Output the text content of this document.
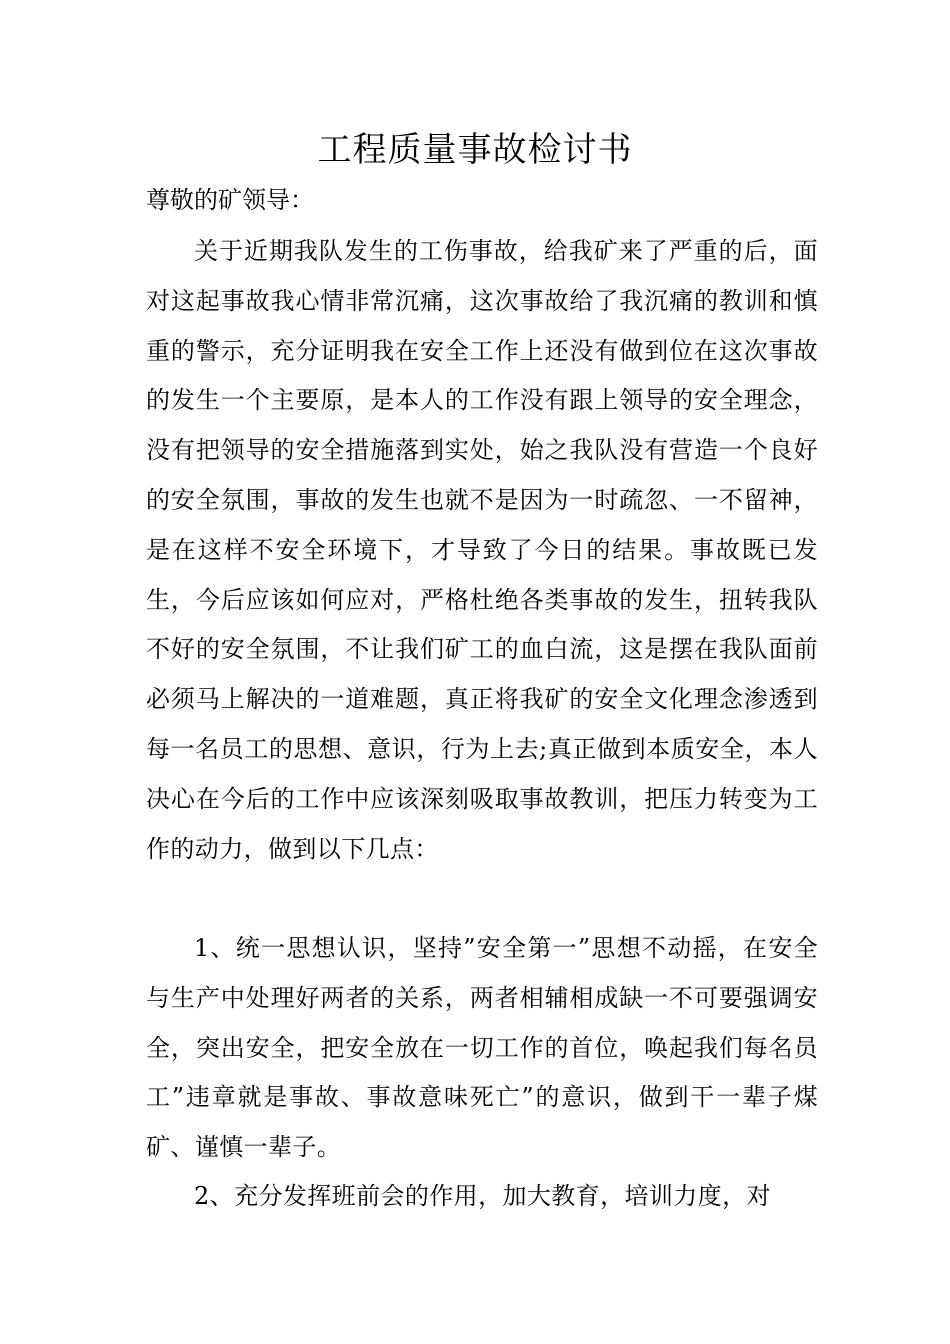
工程质量事故检讨书

尊敬的矿领导：

关于近期我队发生的工伤事故，给我矿来了严重的后，面对这起事故我心情非常沉痛，这次事故给了我沉痛的教训和慎重的警示，充分证明我在安全工作上还没有做到位在这次事故的发生一个主要原，是本人的工作没有跟上领导的安全理念，没有把领导的安全措施落到实处，始之我队没有营造一个良好的安全氛围，事故的发生也就不是因为一时疏忽、一不留神，是在这样不安全环境下，才导致了今日的结果。事故既已发生，今后应该如何应对，严格杜绝各类事故的发生，扭转我队不好的安全氛围，不让我们矿工的血白流，这是摆在我队面前必须马上解决的一道难题，真正将我矿的安全文化理念渗透到每一名员工的思想、意识，行为上去;真正做到本质安全，本人决心在今后的工作中应该深刻吸取事故教训，把压力转变为工作的动力，做到以下几点：

1、统一思想认识，坚持”安全第一”思想不动摇，在安全与生产中处理好两者的关系，两者相辅相成缺一不可要强调安全，突出安全，把安全放在一切工作的首位，唤起我们每名员工”违章就是事故、事故意味死亡”的意识，做到干一辈子煤矿、谨慎一辈子。

2、充分发挥班前会的作用，加大教育，培训力度，对
